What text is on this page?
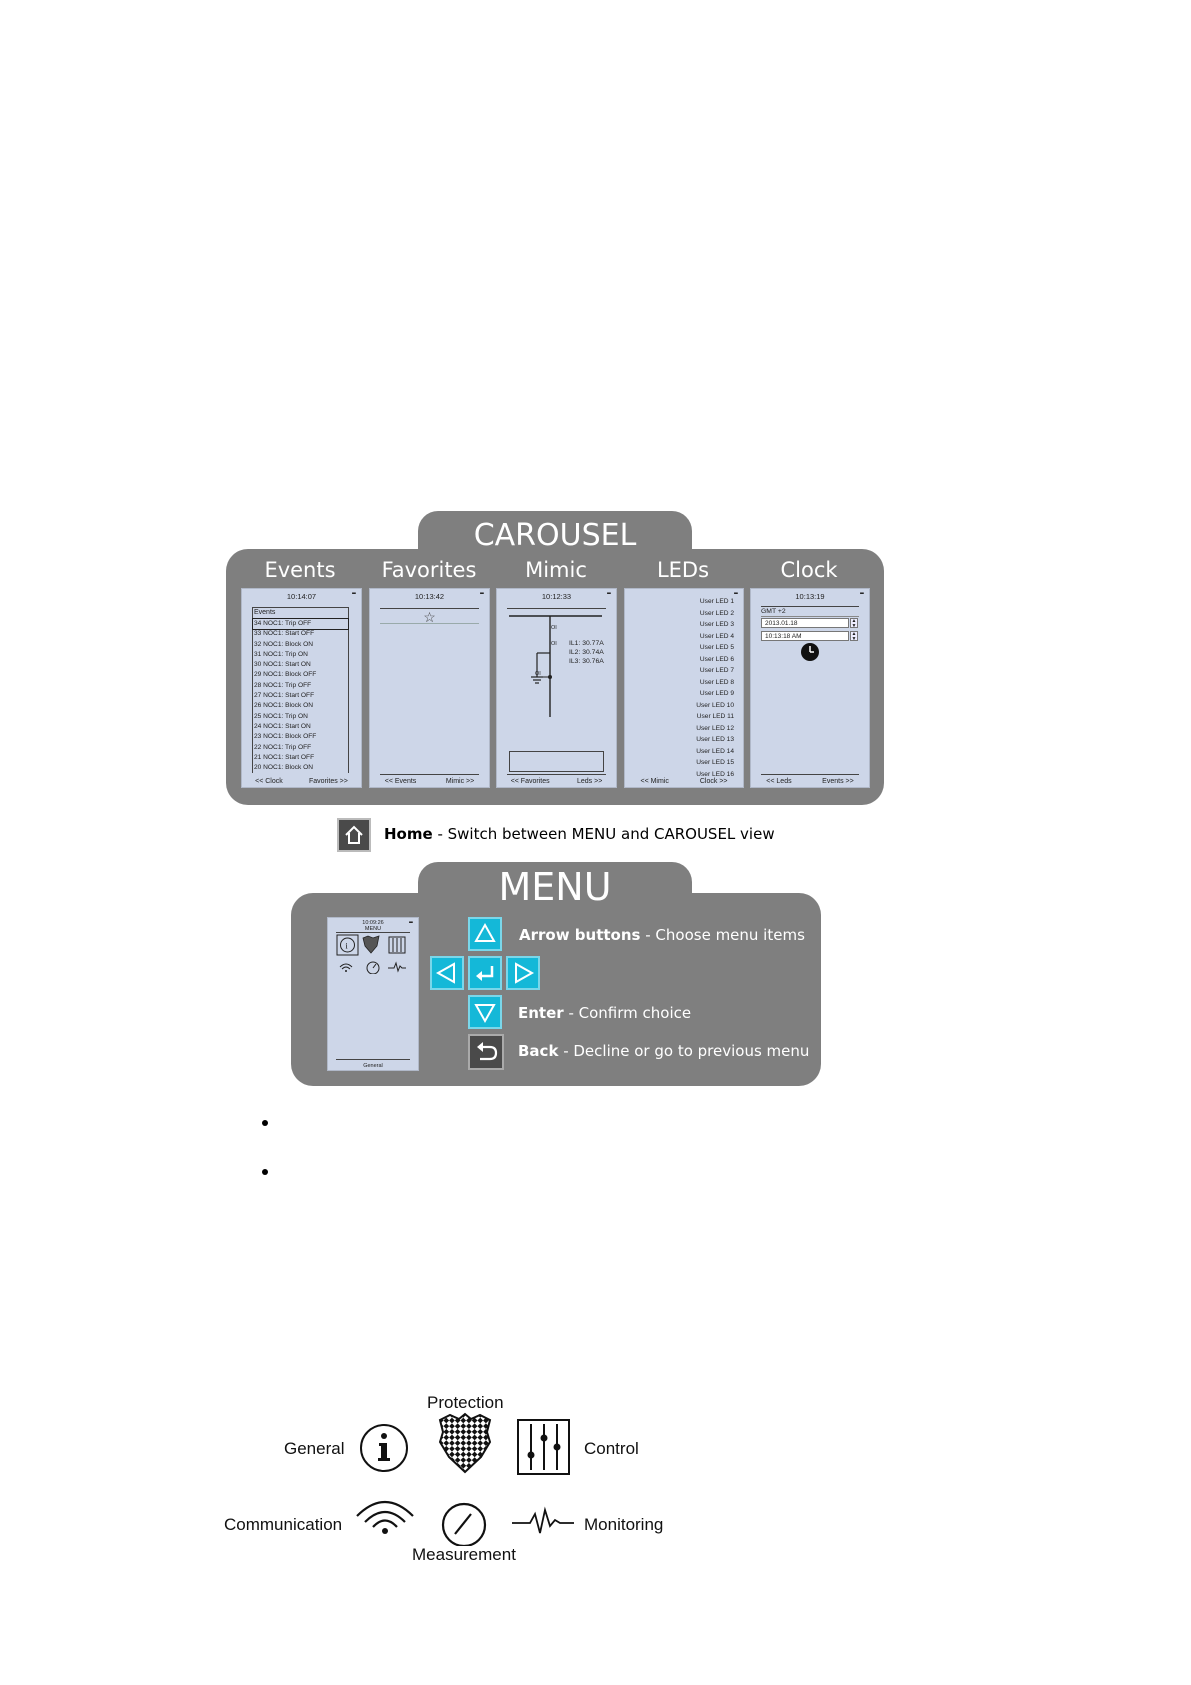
CAROUSEL
Events	Favorites	Mimic	LEDs	Clock
10:14:07	▪▪▪
Events
34 NOC1: Trip OFF
33 NOC1: Start OFF
32 NOC1: Block ON
31 NOC1: Trip ON
30 NOC1: Start ON
29 NOC1: Block OFF
28 NOC1: Trip OFF
27 NOC1: Start OFF
26 NOC1: Block ON
25 NOC1: Trip ON
24 NOC1: Start ON
23 NOC1: Block OFF
22 NOC1: Trip OFF
21 NOC1: Start OFF
20 NOC1: Block ON
<< Clock	Favorites >>
10:13:42	▪▪▪
☆
<< Events	Mimic >>
10:12:33	▪▪▪
OI
OI
OI
IL1: 30.77A
IL2: 30.74A
IL3: 30.76A
<< Favorites	Leds >>
▪▪▪
User LED 1
User LED 2
User LED 3
User LED 4
User LED 5
User LED 6
User LED 7
User LED 8
User LED 9
User LED 10
User LED 11
User LED 12
User LED 13
User LED 14
User LED 15
User LED 16
<< Mimic	Clock >>
10:13:19	▪▪▪
GMT +2
2013.01.18	▲
▼
10:13:18 AM	▲
▼
<< Leds	Events >>
Home - Switch between MENU and CAROUSEL view
MENU
10:09:26
MENU
▪▪▪
i
General
Arrow buttons - Choose menu items
Enter - Confirm choice
Back - Decline or go to previous menu
Protection
General	Control
Communication	Monitoring
Measurement
